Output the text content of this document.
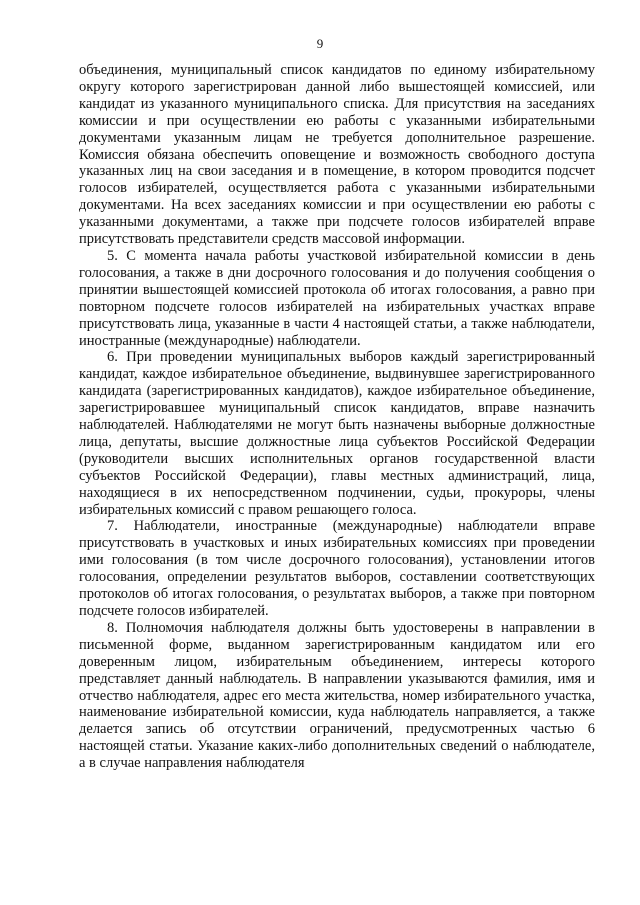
9

объединения, муниципальный список кандидатов по единому избирательному округу которого зарегистрирован данной либо вышестоящей комиссией, или кандидат из указанного муниципального списка. Для присутствия на заседаниях комиссии и при осуществлении ею работы с указанными избирательными документами указанным лицам не требуется дополнительное разрешение. Комиссия обязана обеспечить оповещение и возможность свободного доступа указанных лиц на свои заседания и в помещение, в котором проводится подсчет голосов избирателей, осуществляется работа с указанными избирательными документами. На всех заседаниях комиссии и при осуществлении ею работы с указанными документами, а также при подсчете голосов избирателей вправе присутствовать представители средств массовой информации.

5. С момента начала работы участковой избирательной комиссии в день голосования, а также в дни досрочного голосования и до получения сообщения о принятии вышестоящей комиссией протокола об итогах голосования, а равно при повторном подсчете голосов избирателей на избирательных участках вправе присутствовать лица, указанные в части 4 настоящей статьи, а также наблюдатели, иностранные (международные) наблюдатели.

6. При проведении муниципальных выборов каждый зарегистрированный кандидат, каждое избирательное объединение, выдвинувшее зарегистрированного кандидата (зарегистрированных кандидатов), каждое избирательное объединение, зарегистрировавшее муниципальный список кандидатов, вправе назначить наблюдателей. Наблюдателями не могут быть назначены выборные должностные лица, депутаты, высшие должностные лица субъектов Российской Федерации (руководители высших исполнительных органов государственной власти субъектов Российской Федерации), главы местных администраций, лица, находящиеся в их непосредственном подчинении, судьи, прокуроры, члены избирательных комиссий с правом решающего голоса.

7. Наблюдатели, иностранные (международные) наблюдатели вправе присутствовать в участковых и иных избирательных комиссиях при проведении ими голосования (в том числе досрочного голосования), установлении итогов голосования, определении результатов выборов, составлении соответствующих протоколов об итогах голосования, о результатах выборов, а также при повторном подсчете голосов избирателей.

8. Полномочия наблюдателя должны быть удостоверены в направлении в письменной форме, выданном зарегистрированным кандидатом или его доверенным лицом, избирательным объединением, интересы которого представляет данный наблюдатель. В направлении указываются фамилия, имя и отчество наблюдателя, адрес его места жительства, номер избирательного участка, наименование избирательной комиссии, куда наблюдатель направляется, а также делается запись об отсутствии ограничений, предусмотренных частью 6 настоящей статьи. Указание каких-либо дополнительных сведений о наблюдателе, а в случае направления наблюдателя
